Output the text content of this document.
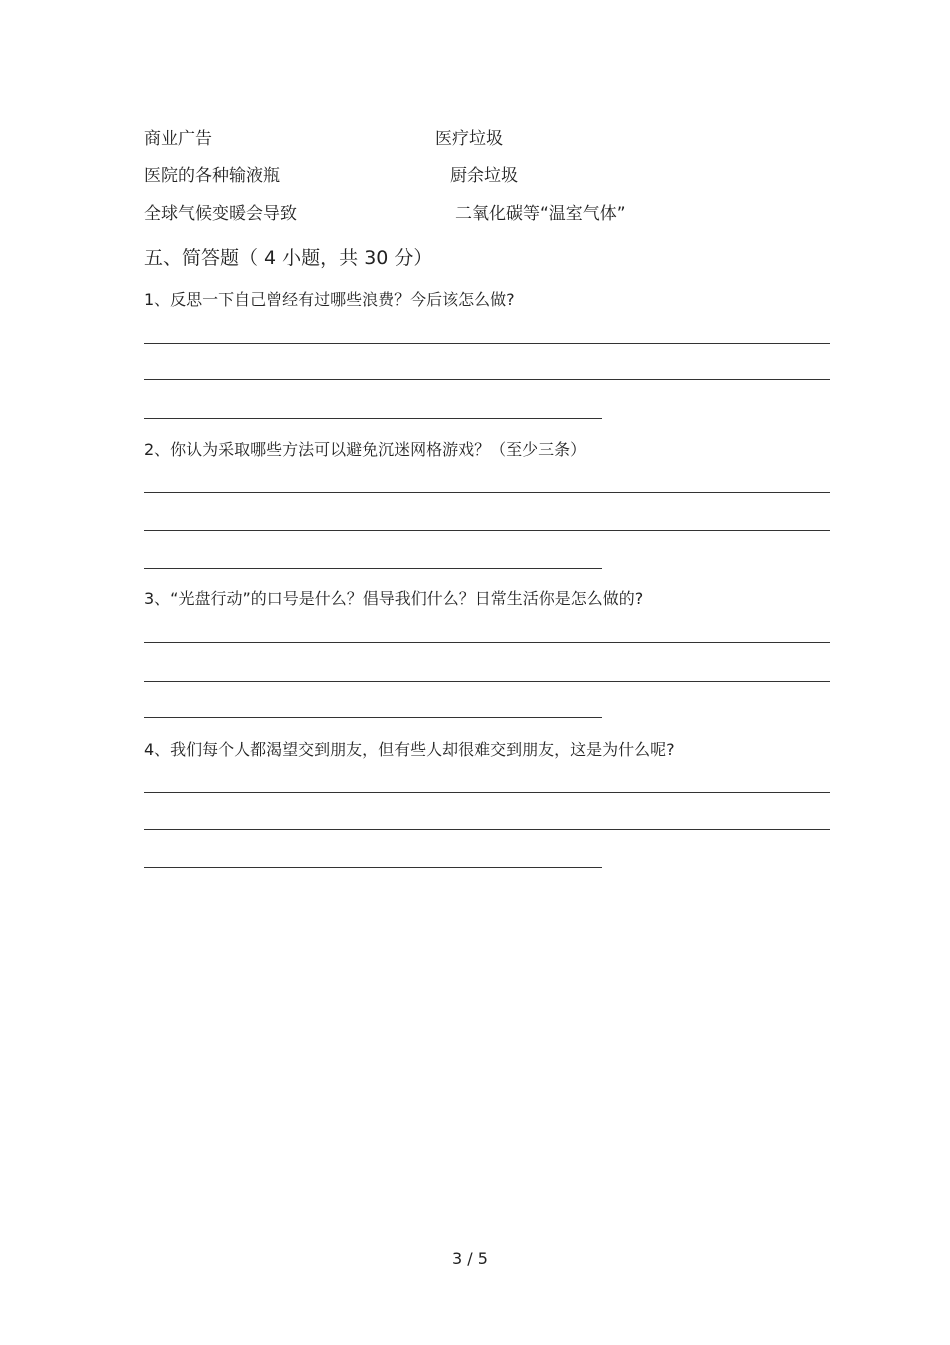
商业广告	医疗垃圾
医院的各种输液瓶	厨余垃圾
全球气候变暖会导致	二氧化碳等“温室气体”
五、简答题（ 4 小题，共 30 分）
1、反思一下自己曾经有过哪些浪费？今后该怎么做?
2、你认为采取哪些方法可以避免沉迷网格游戏？（至少三条）
3、“光盘行动”的口号是什么？倡导我们什么？日常生活你是怎么做的?
4、我们每个人都渴望交到朋友，但有些人却很难交到朋友，这是为什么呢?
3 / 5
